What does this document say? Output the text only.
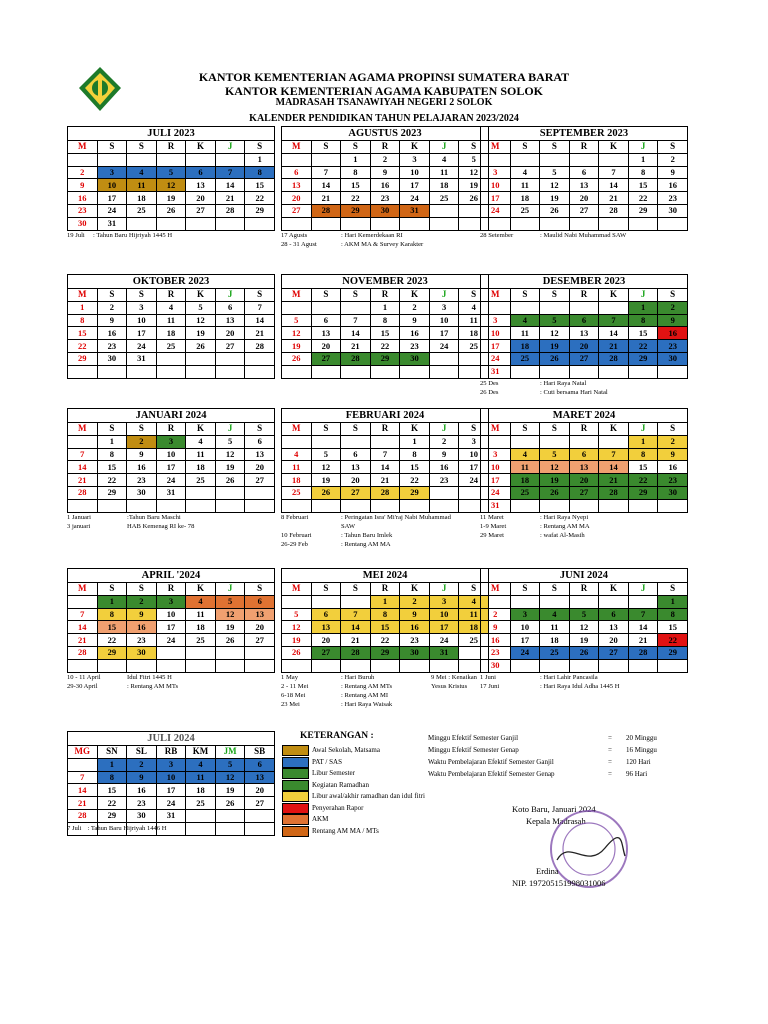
KANTOR KEMENTERIAN AGAMA PROPINSI SUMATERA BARAT
KANTOR KEMENTERIAN AGAMA KABUPATEN SOLOK
MADRASAH TSANAWIYAH NEGERI 2 SOLOK
KALENDER PENDIDIKAN TAHUN PELAJARAN 2023/2024
JULI 2023						
M	S	S	R	K	J	S
						1
2	3	4	5	6	7	8
9	10	11	12	13	14	15
16	17	18	19	20	21	22
23	24	25	26	27	28	29
30	31					
19 Juli : Tahun Baru Hijriyah 1445 H
AGUSTUS 2023						
M	S	S	R	K	J	S
		1	2	3	4	5
6	7	8	9	10	11	12
13	14	15	16	17	18	19
20	21	22	23	24	25	26
27	28	29	30	31		

17 Agusts	: Hari Kemerdekaan RI
28 - 31 Agust	: AKM MA & Survey Karakter
SEPTEMBER 2023						
M	S	S	R	K	J	S
					1	2
3	4	5	6	7	8	9
10	11	12	13	14	15	16
17	18	19	20	21	22	23
24	25	26	27	28	29	30

28 Setember	: Maulid Nabi Muhammad SAW
OKTOBER 2023						
M	S	S	R	K	J	S
1	2	3	4	5	6	7
8	9	10	11	12	13	14
15	16	17	18	19	20	21
22	23	24	25	26	27	28
29	30	31				

NOVEMBER 2023						
M	S	S	R	K	J	S
			1	2	3	4
5	6	7	8	9	10	11
12	13	14	15	16	17	18
19	20	21	22	23	24	25
26	27	28	29	30		

DESEMBER 2023						
M	S	S	R	K	J	S
					1	2
3	4	5	6	7	8	9
10	11	12	13	14	15	16
17	18	19	20	21	22	23
24	25	26	27	28	29	30
31						
25 Des	: Hari Raya Natal
26 Des	: Cuti bersama Hari Natal
JANUARI 2024						
M	S	S	R	K	J	S
	1	2	3	4	5	6
7	8	9	10	11	12	13
14	15	16	17	18	19	20
21	22	23	24	25	26	27
28	29	30	31			

1 Januari	:Tahun Baru Maschi
3 januari	HAB Kemenag RI ke- 78
FEBRUARI 2024						
M	S	S	R	K	J	S
				1	2	3
4	5	6	7	8	9	10
11	12	13	14	15	16	17
18	19	20	21	22	23	24
25	26	27	28	29		

8 Februari	: Peringatan Isra' Mi'raj Nabi Muhammad
SAW
10 Februari	: Tahun Baru Imlek
26-29 Feb	: Rentang AM MA
MARET 2024						
M	S	S	R	K	J	S
					1	2
3	4	5	6	7	8	9
10	11	12	13	14	15	16
17	18	19	20	21	22	23
24	25	26	27	28	29	30
31						
11 Maret	: Hari Raya Nyepi
1-9 Maret	: Rentang AM MA
29 Maret	: wafat Al-Masih
APRIL '2024						
M	S	S	R	K	J	S
	1	2	3	4	5	6
7	8	9	10	11	12	13
14	15	16	17	18	19	20
21	22	23	24	25	26	27
28	29	30				

10 - 11 April	Idul Fitri 1445 H
29-30 April	: Rentang AM MTs
MEI 2024						
M	S	S	R	K	J	S
			1	2	3	4
5	6	7	8	9	10	11
12	13	14	15	16	17	18
19	20	21	22	23	24	25
26	27	28	29	30	31	

1 May	: Hari Buruh
2 - 11 Mei	: Rentang AM MTs
6-18 Mei	: Rentang AM MI
23 Mei	: Hari Raya Waisak
9 Mei : Kenaikan Yesus Kristus
JUNI 2024						
M	S	S	R	K	J	S
						1
2	3	4	5	6	7	8
9	10	11	12	13	14	15
16	17	18	19	20	21	22
23	24	25	26	27	28	29
30						
1 Juni	: Hari Lahir Pancasila
17 Juni	: Hari Raya Idul Adha 1445 H
JULI 2024						
MG	SN	SL	RB	KM	JM	SB
	1	2	3	4	5	6
7	8	9	10	11	12	13
14	15	16	17	18	19	20
21	22	23	24	25	26	27
28	29	30	31			

KETERANGAN :
Awal Sekolah, Matsama
PAT / SAS
Libur Semester
Kegiatan Ramadhan
Libur awal/akhir ramadhan dan idul fitri
Penyerahan Rapor
AKM
Rentang AM MA / MTs
Minggu Efektif Semester Ganjil	= 20 Minggu
Minggu Efektif Semester Genap	= 16 Minggu
Waktu Pembelajaran Efektif Semester Ganjil	= 120 Hari
Waktu Pembelajaran Efektif Semester Genap	= 96 Hari
Koto Baru, Januari 2024
Kepala Madrasah
Erdina
NIP. 197205151998031006
7 Juli : Tahun Baru Hijriyah 1446 H
